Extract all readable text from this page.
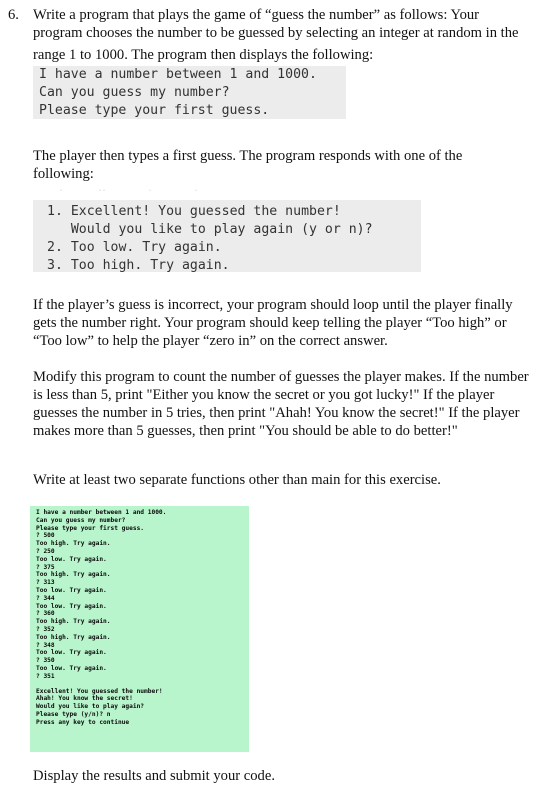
6. Write a program that plays the game of “guess the number” as follows: Your

program chooses the number to be guessed by selecting an integer at random in the

range 1 to 1000. The program then displays the following:

I have a number between 1 and 1000.
Can you guess my number?
Please type your first guess.

The player then types a first guess. The program responds with one of the following:

·          ··            ·            ·
1. Excellent! You guessed the number!
Would you like to play again (y or n)?
2. Too low. Try again.
3. Too high. Try again.

If the player’s guess is incorrect, your program should loop until the player finally gets the number right. Your program should keep telling the player “Too high” or “Too low” to help the player “zero in” on the correct answer.

Modify this program to count the number of guesses the player makes. If the number is less than 5, print "Either you know the secret or you got lucky!" If the player guesses the number in 5 tries, then print "Ahah! You know the secret!" If the player makes more than 5 guesses, then print "You should be able to do better!"

Write at least two separate functions other than main for this exercise.

I have a number between 1 and 1000.
Can you guess my number?
Please type your first guess.
? 500
Too high. Try again.
? 250
Too low. Try again.
? 375
Too high. Try again.
? 313
Too low. Try again.
? 344
Too low. Try again.
? 360
Too high. Try again.
? 352
Too high. Try again.
? 348
Too low. Try again.
? 350
Too low. Try again.
? 351
Excellent! You guessed the number!
Ahah! You know the secret!
Would you like to play again?
Please type (y/n)? n
Press any key to continue

Display the results and submit your code.
